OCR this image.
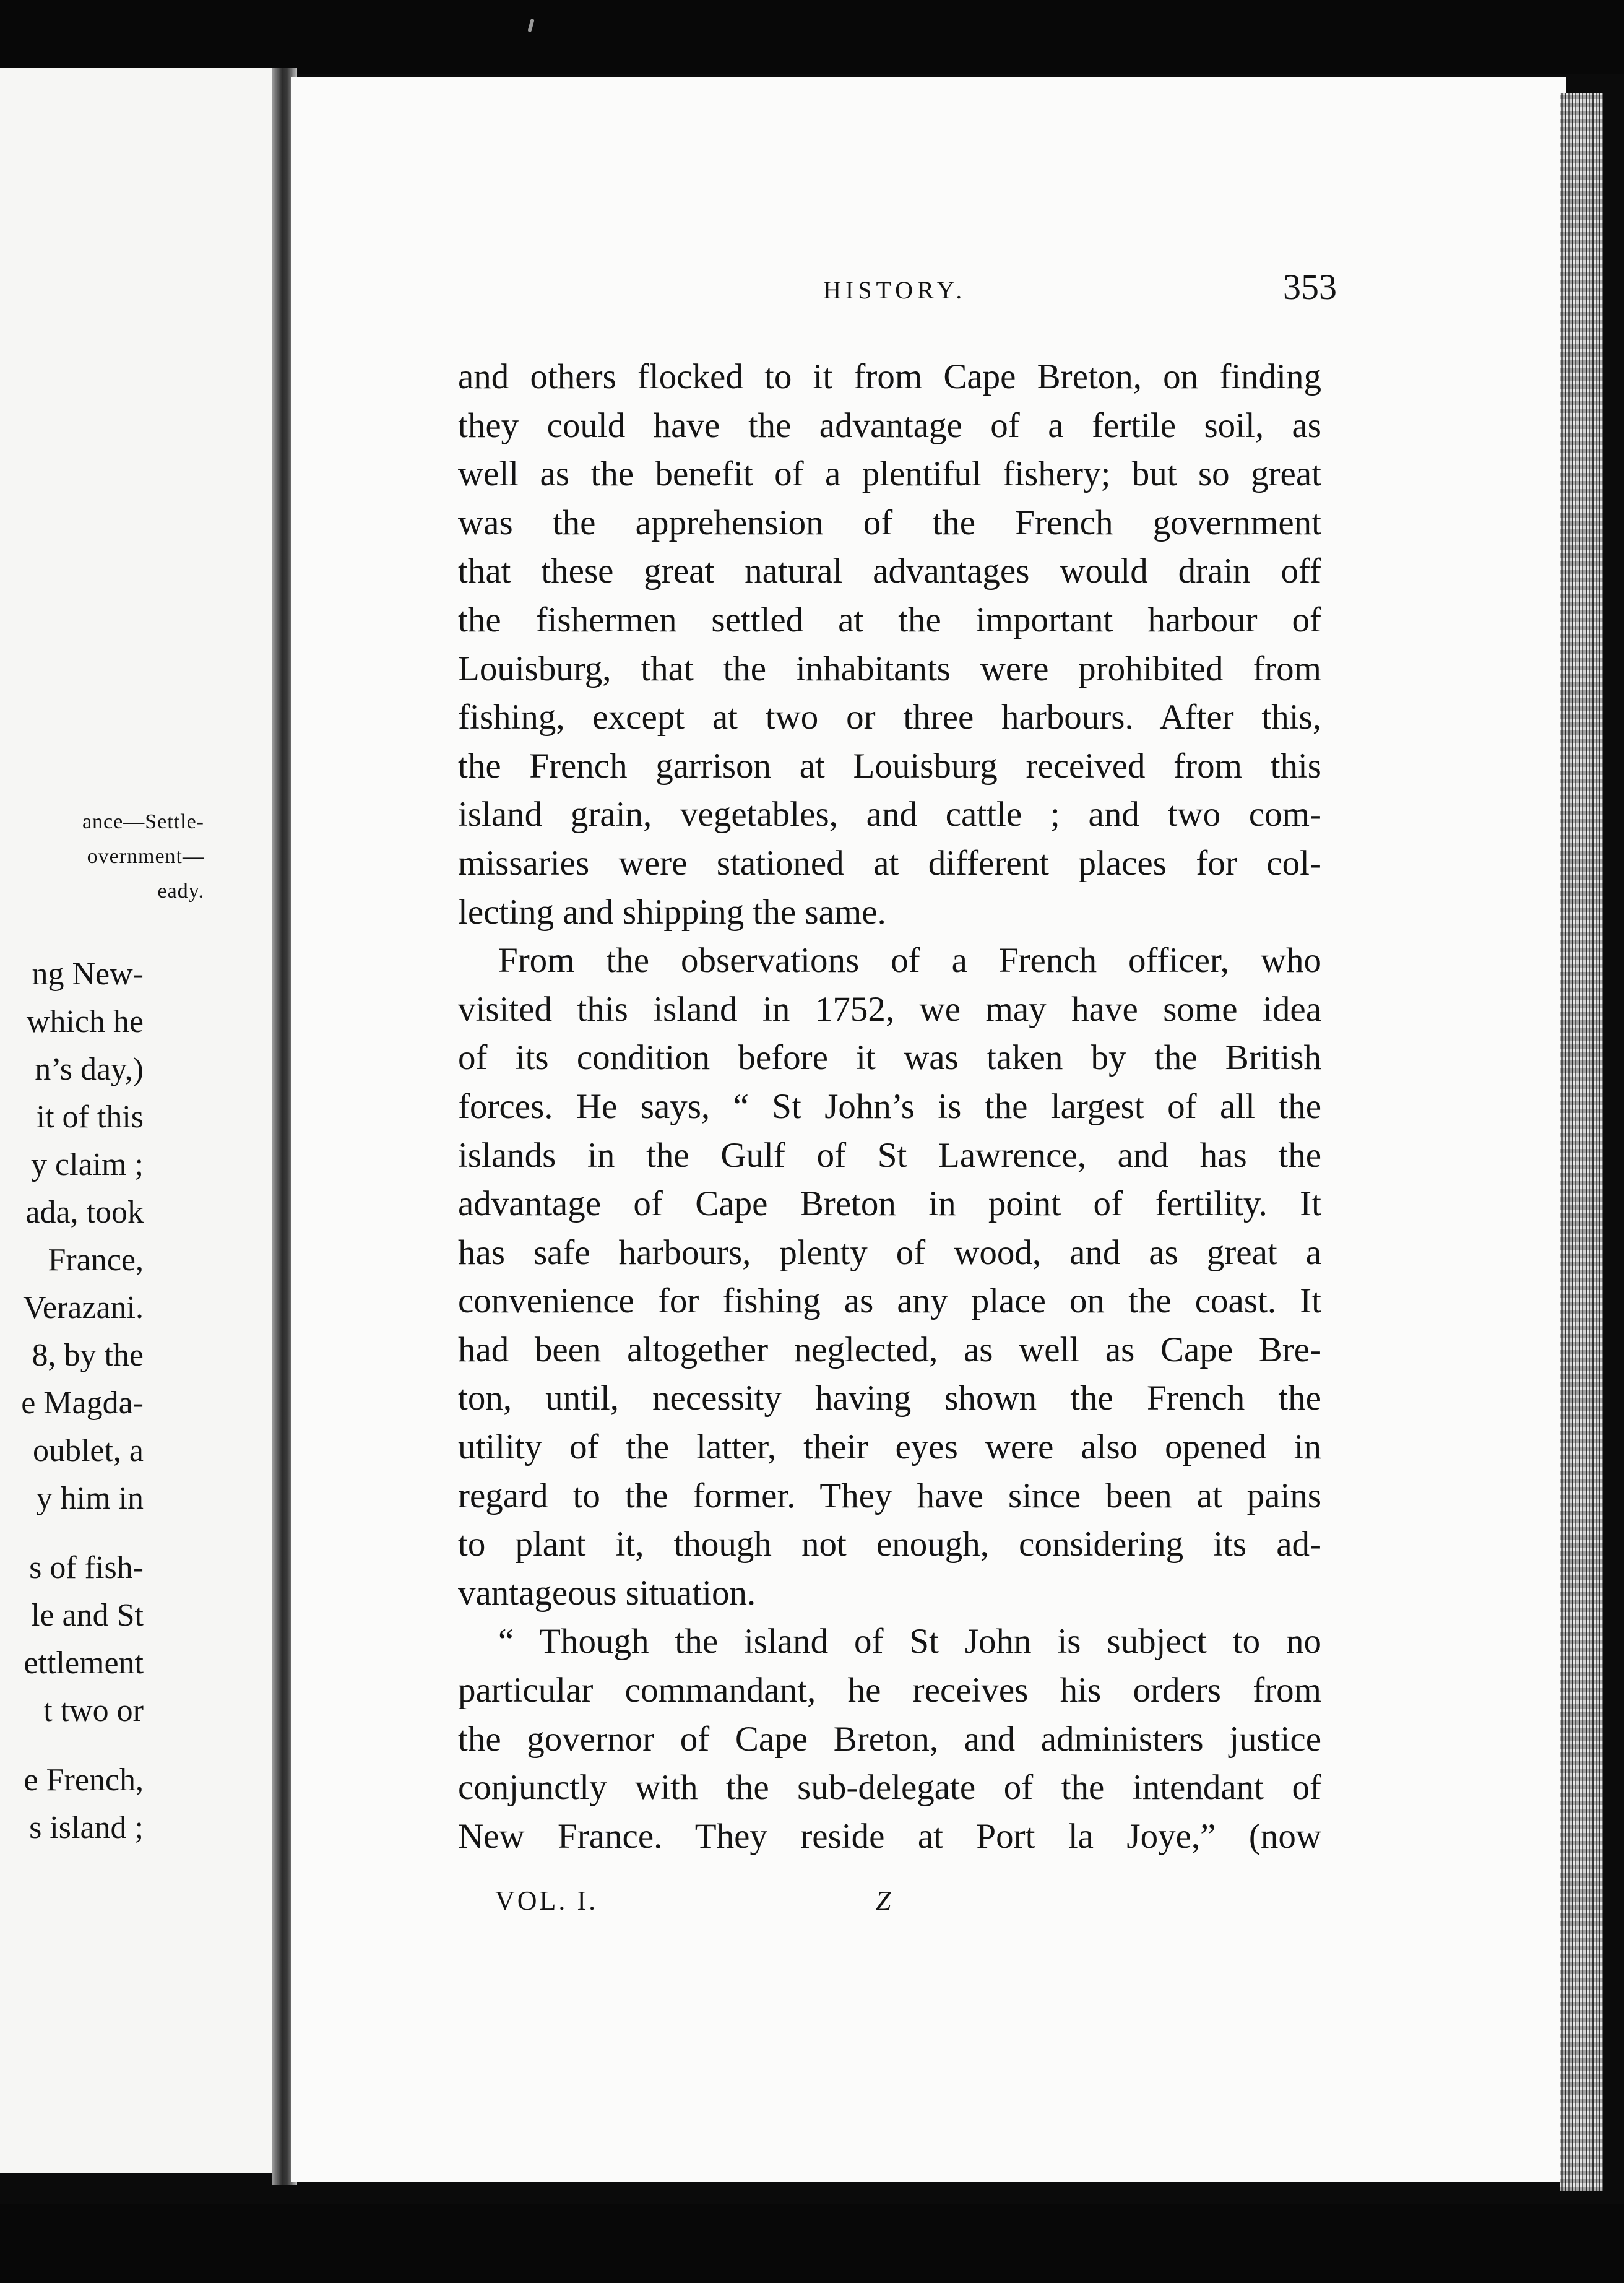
ance—Settle-
overnment—
eady.
ng New-
which he
n’s day,)
it of this
y claim ;
ada, took
France,
Verazani.
8, by the
e Magda-
oublet, a
y him in
s of fish-
le and St
ettlement
t two or
e French,
s island ;
HISTORY.	353
and others flocked to it from Cape Breton, on finding
they could have the advantage of a fertile soil, as
well as the benefit of a plentiful fishery; but so great
was the apprehension of the French government
that these great natural advantages would drain off
the fishermen settled at the important harbour of
Louisburg, that the inhabitants were prohibited from
fishing, except at two or three harbours. After this,
the French garrison at Louisburg received from this
island grain, vegetables, and cattle ; and two com-
missaries were stationed at different places for col-
lecting and shipping the same.
From the observations of a French officer, who
visited this island in 1752, we may have some idea
of its condition before it was taken by the British
forces. He says, “ St John’s is the largest of all the
islands in the Gulf of St Lawrence, and has the
advantage of Cape Breton in point of fertility. It
has safe harbours, plenty of wood, and as great a
convenience for fishing as any place on the coast. It
had been altogether neglected, as well as Cape Bre-
ton, until, necessity having shown the French the
utility of the latter, their eyes were also opened in
regard to the former. They have since been at pains
to plant it, though not enough, considering its ad-
vantageous situation.
“ Though the island of St John is subject to no
particular commandant, he receives his orders from
the governor of Cape Breton, and administers justice
conjunctly with the sub-delegate of the intendant of
New France. They reside at Port la Joye,” (now
VOL. I.	Z
